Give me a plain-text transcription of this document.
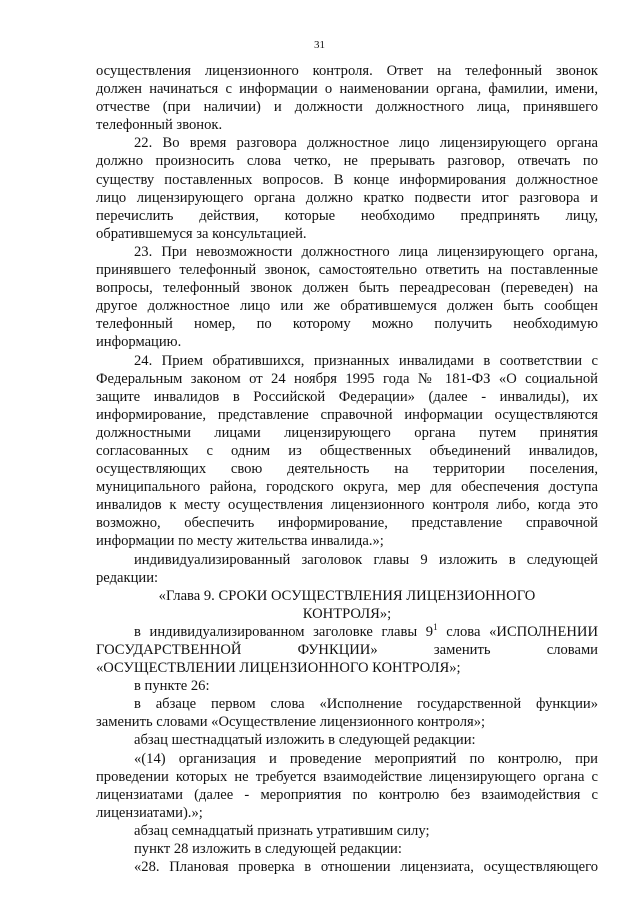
31
осуществления лицензионного контроля. Ответ на телефонный звонок
должен начинаться с информации о наименовании органа, фамилии, имени,
отчестве (при наличии) и должности должностного лица, принявшего
телефонный звонок.
22. Во время разговора должностное лицо лицензирующего органа
должно произносить слова четко, не прерывать разговор, отвечать по
существу поставленных вопросов. В конце информирования должностное
лицо лицензирующего органа должно кратко подвести итог разговора и
перечислить действия, которые необходимо предпринять лицу,
обратившемуся за консультацией.
23. При невозможности должностного лица лицензирующего органа,
принявшего телефонный звонок, самостоятельно ответить на поставленные
вопросы, телефонный звонок должен быть переадресован (переведен) на
другое должностное лицо или же обратившемуся должен быть сообщен
телефонный номер, по которому можно получить необходимую
информацию.
24. Прием обратившихся, признанных инвалидами в соответствии с
Федеральным законом от 24 ноября 1995 года № 181-ФЗ «О социальной
защите инвалидов в Российской Федерации» (далее - инвалиды), их
информирование, представление справочной информации осуществляются
должностными лицами лицензирующего органа путем принятия
согласованных с одним из общественных объединений инвалидов,
осуществляющих свою деятельность на территории поселения,
муниципального района, городского округа, мер для обеспечения доступа
инвалидов к месту осуществления лицензионного контроля либо, когда это
возможно, обеспечить информирование, представление справочной
информации по месту жительства инвалида.»;
индивидуализированный заголовок главы 9 изложить в следующей
редакции:
«Глава 9. СРОКИ ОСУЩЕСТВЛЕНИЯ ЛИЦЕНЗИОННОГО
КОНТРОЛЯ»;
в индивидуализированном заголовке главы $9^1$ слова «ИСПОЛНЕНИИ
ГОСУДАРСТВЕННОЙ ФУНКЦИИ» заменить словами
«ОСУЩЕСТВЛЕНИИ ЛИЦЕНЗИОННОГО КОНТРОЛЯ»;
в пункте 26:
в абзаце первом слова «Исполнение государственной функции»
заменить словами «Осуществление лицензионного контроля»;
абзац шестнадцатый изложить в следующей редакции:
«(14) организация и проведение мероприятий по контролю, при
проведении которых не требуется взаимодействие лицензирующего органа с
лицензиатами (далее - мероприятия по контролю без взаимодействия с
лицензиатами).»;
абзац семнадцатый признать утратившим силу;
пункт 28 изложить в следующей редакции:
«28. Плановая проверка в отношении лицензиата, осуществляющего
